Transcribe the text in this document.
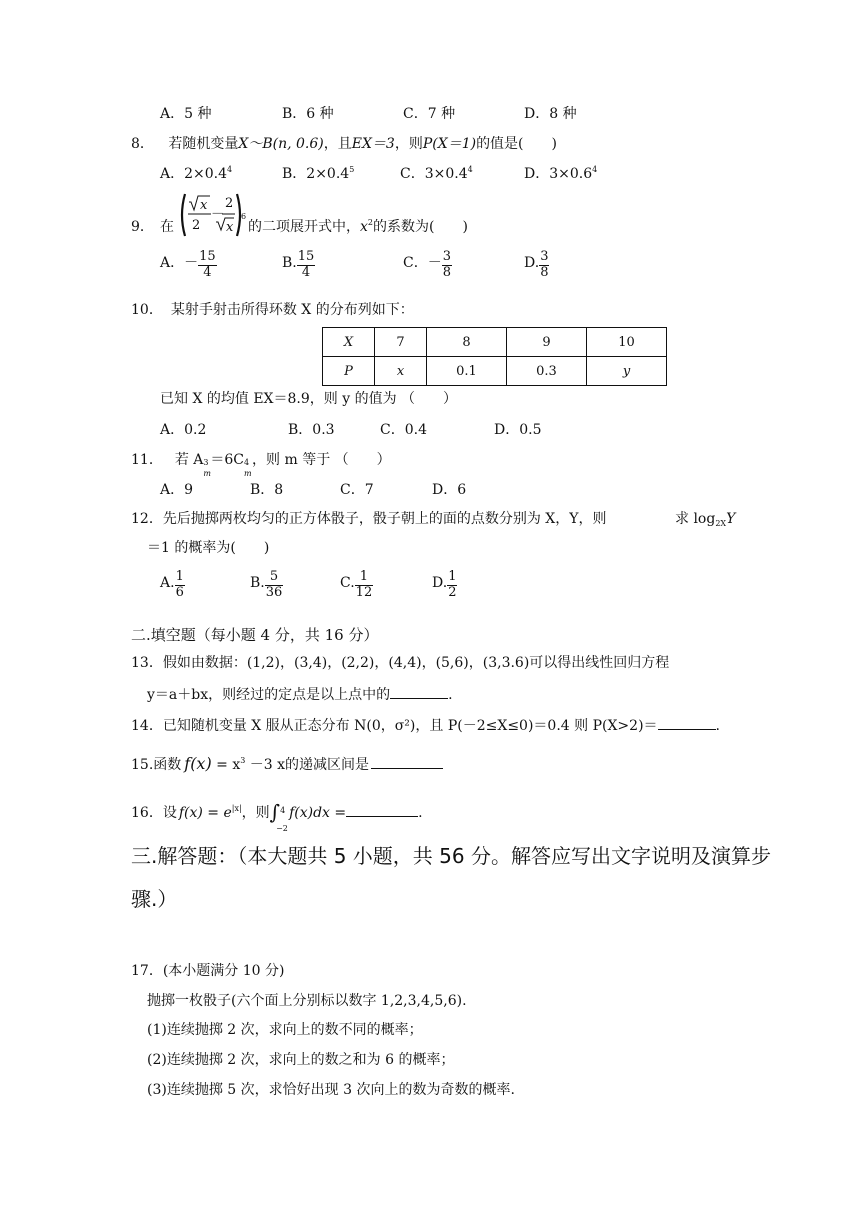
A．5 种	B．6 种	C．7 种	D．8 种
8． 若随机变量X～B(n, 0.6)，且EX＝3，则P(X＝1)的值是(　　)
A．$2\times 0.4^4$	B．$2\times 0.4^5$	C．$3\times 0.4^4$	D．$3\times 0.6^4$
9． 在
x
2
－
2
x
6
的二项展开式中，$x^2$的系数为(　　)
A．－ $\frac{15}{4}$	B. $\frac{15}{4}$	C．－ $\frac{3}{8}$	D. $\frac{3}{8}$
10． 某射手射击所得环数 X 的分布列如下：
X	7	8	9	10
P	x	0.1	0.3	y
已知 X 的均值 EX＝8.9，则 y 的值为 （　　）
A．0.2	B．0.3	C．0.4	D．0.5
11． 若 A 3
m
＝6C 4
m
，则 m 等于 （　　）
A．9	B．8	C．7	D．6
12．先后抛掷两枚均匀的正方体骰子，骰子朝上的面的点数分别为 X，Y，则	求 $\log_{2X}Y$
＝1 的概率为(　　)
A. $\frac{1}{6}$	B. $\frac{5}{36}$	C. $\frac{1}{12}$	D. $\frac{1}{2}$
二.填空题（每小题 4 分，共 16 分）
13．假如由数据：(1,2)，(3,4)，(2,2)，(4,4)，(5,6)，(3,3.6)可以得出线性回归方程
y＝a＋bx，则经过的定点是以上点中的	.
14．已知随机变量 X 服从正态分布 N(0，σ²)，且 P(－2≤X≤0)＝0.4 则 P(X>2)＝	.
15.函数 $f(x) = x^3 -3$ x的递减区间是
16．设 $f(x) = e^{|x|}$，则∫ 4
−2
f(x)dx =	.
三.解答题：（本大题共 5 小题，共 56 分。解答应写出文字说明及演算步
骤.）
17．(本小题满分 10 分)
抛掷一枚骰子(六个面上分别标以数字 1,2,3,4,5,6).
(1)连续抛掷 2 次，求向上的数不同的概率；
(2)连续抛掷 2 次，求向上的数之和为 6 的概率；
(3)连续抛掷 5 次，求恰好出现 3 次向上的数为奇数的概率.
